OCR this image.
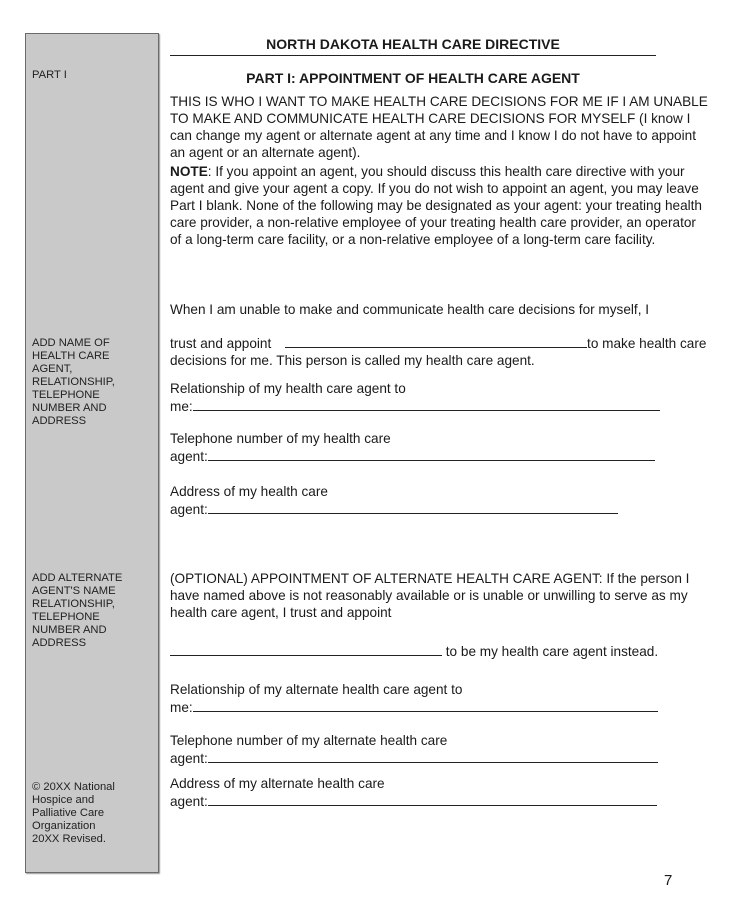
PART I
ADD NAME OF
HEALTH CARE
AGENT,
RELATIONSHIP,
TELEPHONE
NUMBER AND
ADDRESS
ADD ALTERNATE
AGENT'S NAME
RELATIONSHIP,
TELEPHONE
NUMBER AND
ADDRESS
© 20XX National
Hospice and
Palliative Care
Organization
20XX Revised.
NORTH DAKOTA HEALTH CARE DIRECTIVE
PART I: APPOINTMENT OF HEALTH CARE AGENT
THIS IS WHO I WANT TO MAKE HEALTH CARE DECISIONS FOR ME IF I AM UNABLE TO MAKE AND COMMUNICATE HEALTH CARE DECISIONS FOR MYSELF (I know I can change my agent or alternate agent at any time and I know I do not have to appoint an agent or an alternate agent).
NOTE: If you appoint an agent, you should discuss this health care directive with your agent and give your agent a copy. If you do not wish to appoint an agent, you may leave Part I blank. None of the following may be designated as your agent: your treating health care provider, a non-relative employee of your treating health care provider, an operator of a long-term care facility, or a non-relative employee of a long-term care facility.
When I am unable to make and communicate health care decisions for myself, I
trust and appoint	to make health care decisions for me. This person is called my health care agent.
Relationship of my health care agent to
me:
Telephone number of my health care
agent:
Address of my health care
agent:
(OPTIONAL) APPOINTMENT OF ALTERNATE HEALTH CARE AGENT: If the person I have named above is not reasonably available or is unable or unwilling to serve as my health care agent, I trust and appoint
to be my health care agent instead.
Relationship of my alternate health care agent to
me:
Telephone number of my alternate health care
agent:
Address of my alternate health care
agent:
7
